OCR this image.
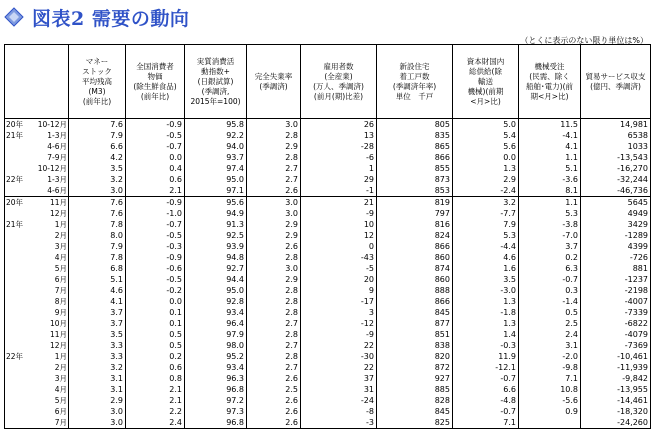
図表2 需要の動向
（とくに表示のない限り単位は%）
	マネー
ストック
平均残高
(M3)
(前年比)	全国消費者
物価
(除生鮮食品)
(前年比)	実質消費活
動指数+
(日銀試算)
(季調済,
2015年=100)	完全失業率
(季調済)	雇用者数
(全産業)
(万人、季調済)
(前月(期)比差)	新設住宅
着工戸数
(季調済年率)
単位　千戸	資本財国内
総供給(除
輸送
機械)(前期
<月>比)	機械受注
(民需、除く
船舶･電力)(前
期<月>比)	貿易サービス収支
(億円、季調済)

20年 10-12月	7.6	-0.9	95.8	3.0	26	805	5.0	11.5	14,981

21年 1-3月	7.9	-0.5	92.2	2.8	13	835	5.4	-4.1	6538

4-6月	6.6	-0.7	94.0	2.9	-28	865	5.6	4.1	1033

7-9月	4.2	0.0	93.7	2.8	-6	866	0.0	1.1	-13,543

10-12月	3.5	0.4	97.4	2.7	1	855	1.3	5.1	-16,270

22年 1-3月	3.2	0.6	95.0	2.7	29	873	2.9	-3.6	-32,244

4-6月	3.0	2.1	97.1	2.6	-1	853	-2.4	8.1	-46,736

20年 11月	7.6	-0.9	95.6	3.0	21	819	3.2	1.1	5645

12月	7.6	-1.0	94.9	3.0	-9	797	-7.7	5.3	4949

21年 1月	7.8	-0.7	91.3	2.9	10	816	7.9	-3.8	3429

2月	8.0	-0.5	92.5	2.9	12	824	5.3	-7.0	-1289

3月	7.9	-0.3	93.9	2.6	0	866	-4.4	3.7	4399

4月	7.8	-0.9	94.8	2.8	-43	860	4.6	0.2	-726

5月	6.8	-0.6	92.7	3.0	-5	874	1.6	6.3	881

6月	5.1	-0.5	94.4	2.9	20	860	3.5	-0.7	-1237

7月	4.6	-0.2	95.0	2.8	9	888	-3.0	0.3	-2198

8月	4.1	0.0	92.8	2.8	-17	866	1.3	-1.4	-4007

9月	3.7	0.1	93.4	2.8	3	845	-1.8	0.5	-7339

10月	3.7	0.1	96.4	2.7	-12	877	1.3	2.5	-6822

11月	3.5	0.5	97.9	2.8	-9	851	1.4	2.4	-4079

12月	3.3	0.5	98.0	2.7	22	838	-0.3	3.1	-7369

22年 1月	3.3	0.2	95.2	2.8	-30	820	11.9	-2.0	-10,461

2月	3.2	0.6	93.4	2.7	22	872	-12.1	-9.8	-11,939

3月	3.1	0.8	96.3	2.6	37	927	-0.7	7.1	-9,842

4月	3.1	2.1	96.8	2.5	31	885	6.6	10.8	-13,955

5月	2.9	2.1	97.2	2.6	-24	828	-4.8	-5.6	-14,461

6月	3.0	2.2	97.3	2.6	-8	845	-0.7	0.9	-18,320

7月	3.0	2.4	96.8	2.6	-3	825	7.1		-24,260
